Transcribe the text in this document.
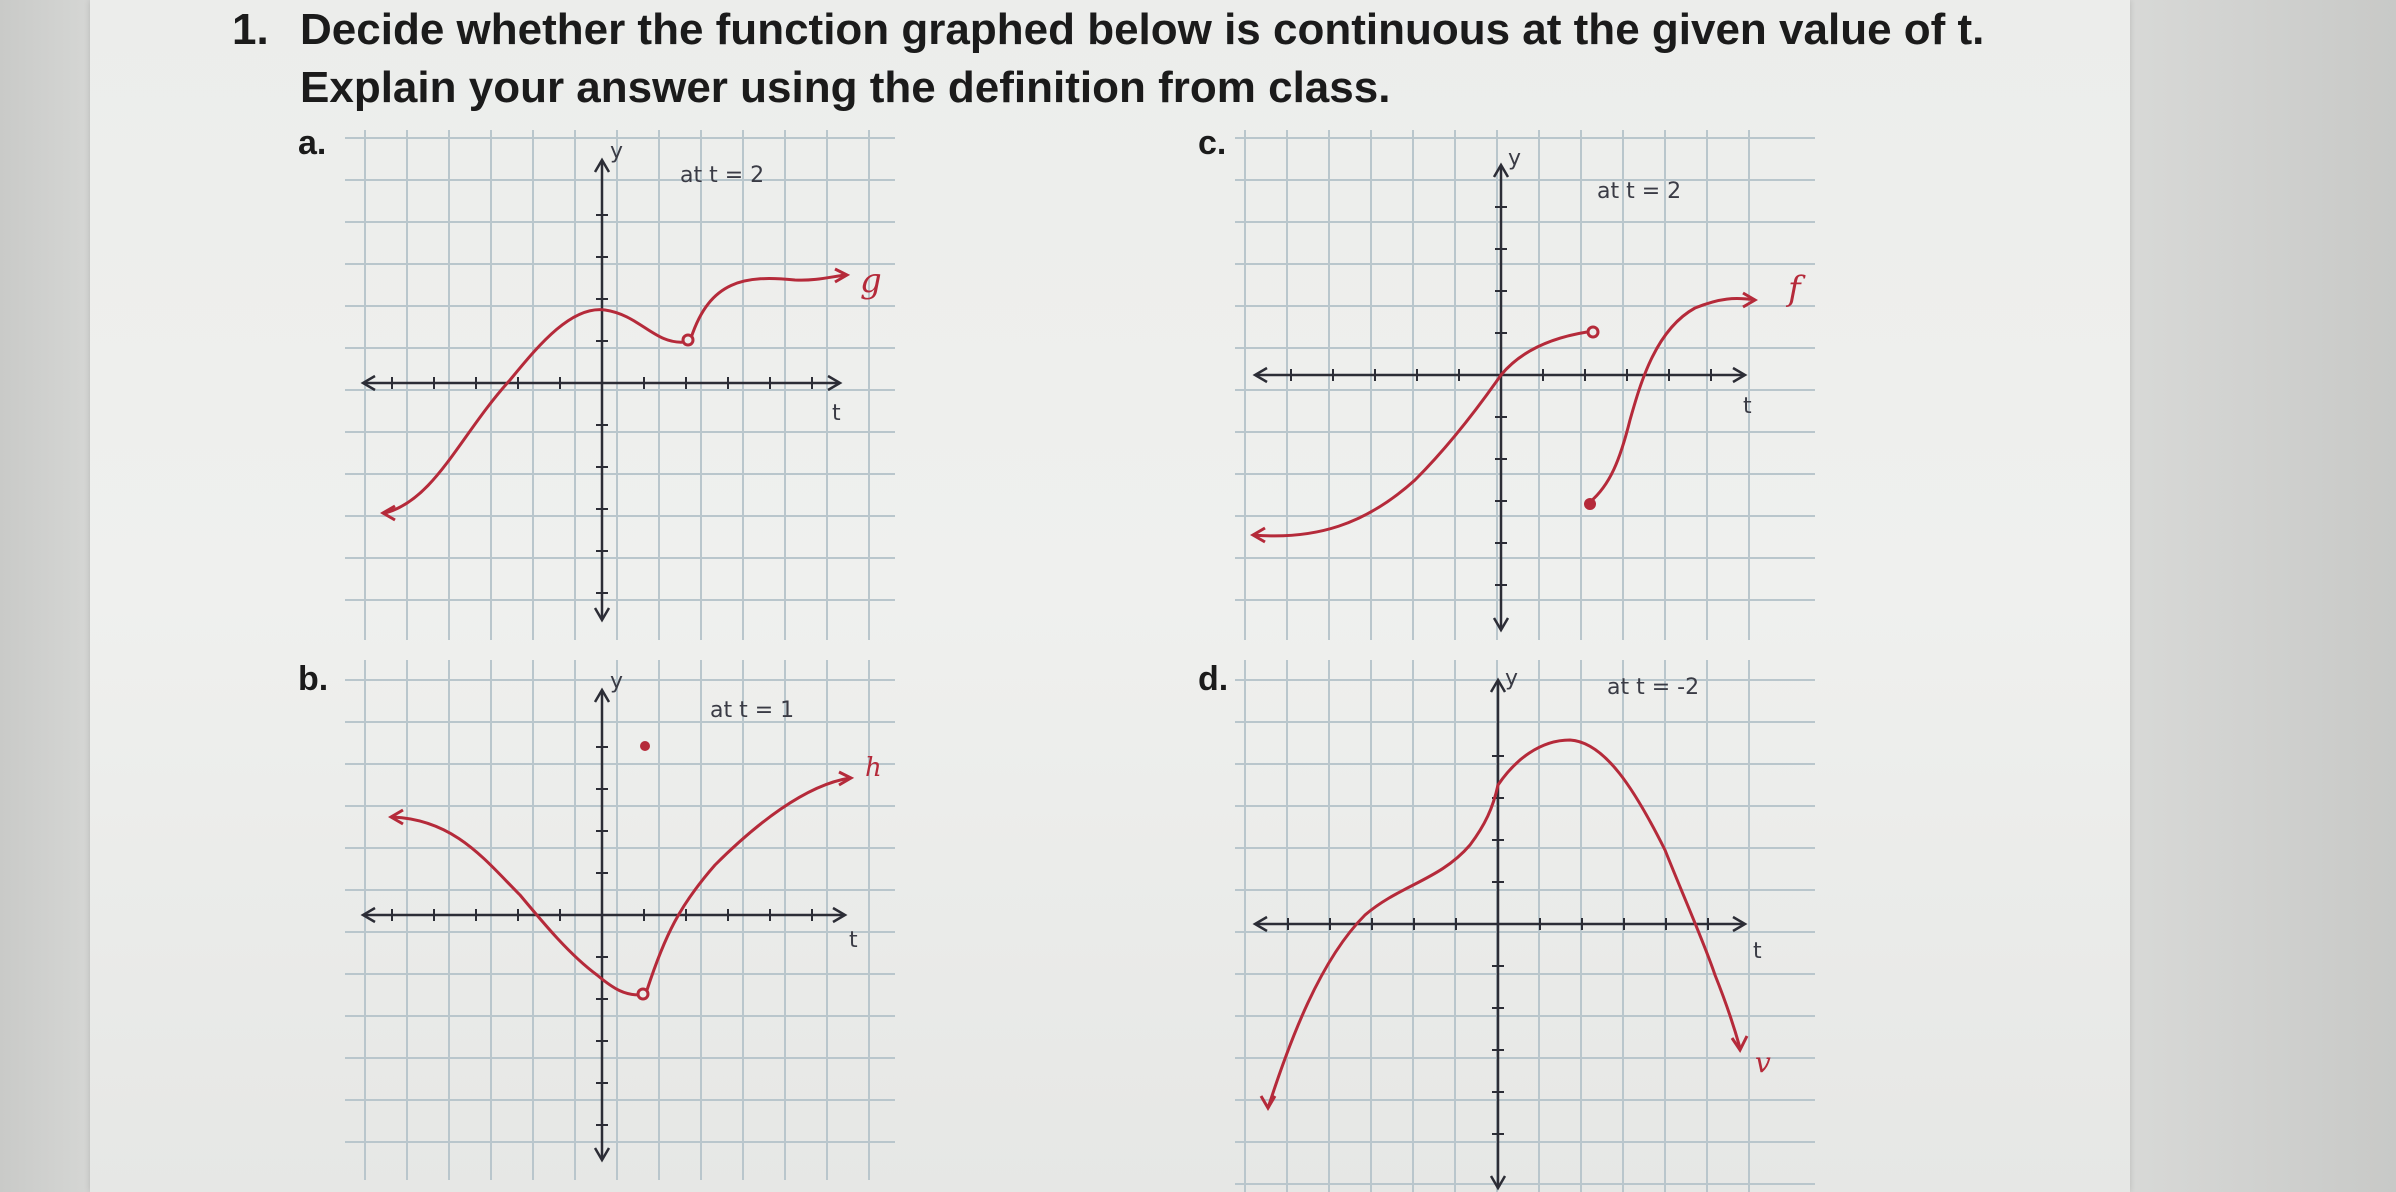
1. Decide whether the function graphed below is continuous at the given value of t.
Explain your answer using the definition from class.
a.	y
t
at t = 2
g
b.	y
t
at t = 1
h
c.	y
t
at t = 2
f
d.	y
t
at t = -2
v
